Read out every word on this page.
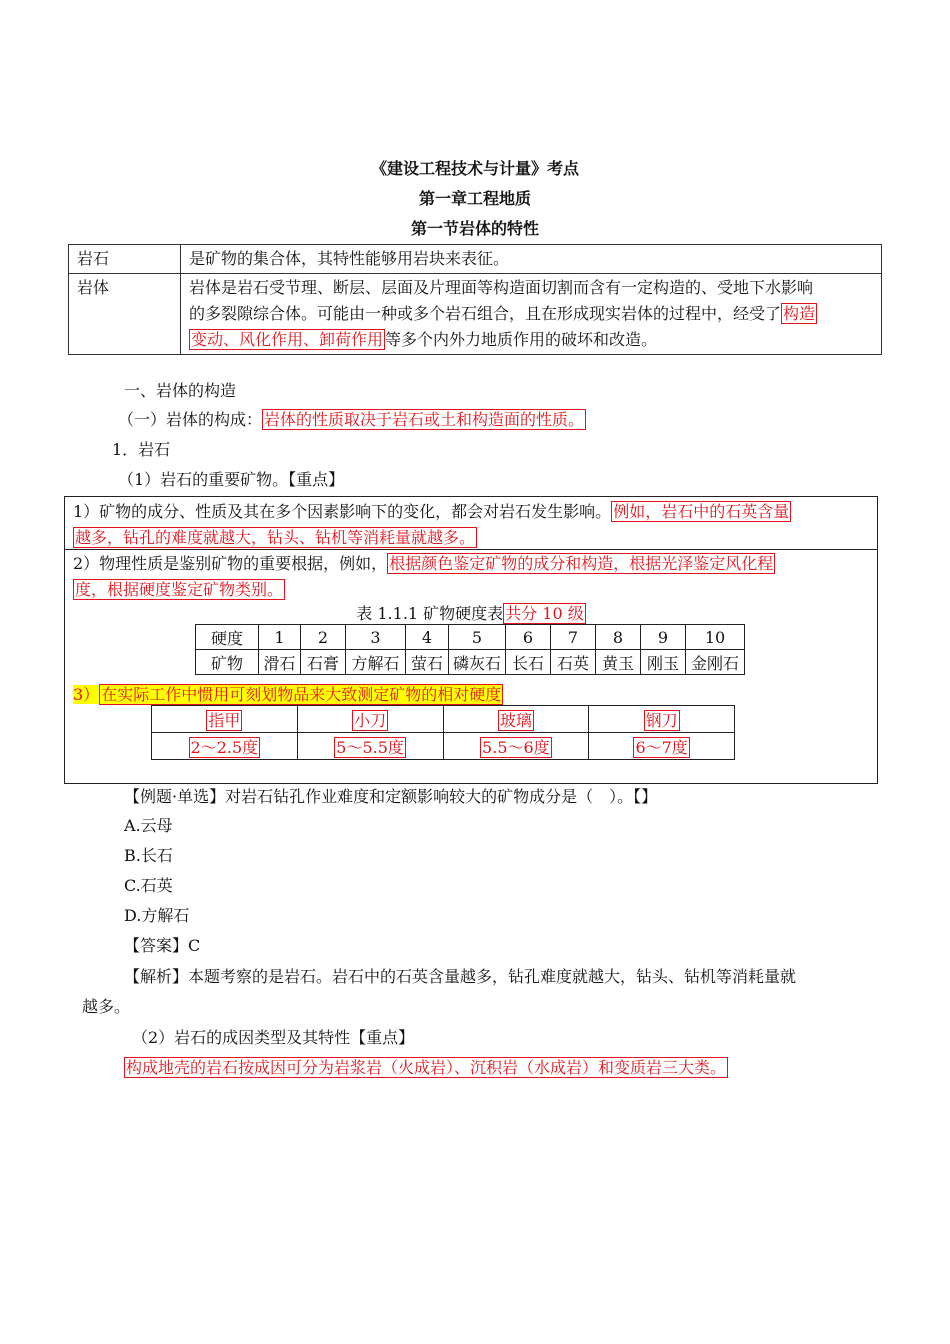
《建设工程技术与计量》考点
第一章工程地质
第一节岩体的特性
岩石	是矿物的集合体，其特性能够用岩块来表征。
岩体	岩体是岩石受节理、断层、层面及片理面等构造面切割而含有一定构造的、受地下水影响
的多裂隙综合体。可能由一种或多个岩石组合，且在形成现实岩体的过程中，经受了 构造
变动、风化作用、卸荷作用 等多个内外力地质作用的破坏和改造。
一、岩体的构造
（一）岩体的构成： 岩体的性质取决于岩石或土和构造面的性质。
1．岩石
（1）岩石的重要矿物。【重点】
1）矿物的成分、性质及其在多个因素影响下的变化，都会对岩石发生影响。 例如，岩石中的石英含量
越多，钻孔的难度就越大，钻头、钻机等消耗量就越多。
2）物理性质是鉴别矿物的重要根据，例如， 根据颜色鉴定矿物的成分和构造，根据光泽鉴定风化程
度，根据硬度鉴定矿物类别。
表 1.1.1 矿物硬度表 共分 10 级
硬度	1	2	3	4	5	6	7	8	9	10
矿物	滑石	石膏	方解石	萤石	磷灰石	长石	石英	黄玉	刚玉	金刚石
3） 在实际工作中惯用可刻划物品来大致测定矿物的相对硬度
指甲	小刀	玻璃	钢刀
2～2.5度	5～5.5度	5.5～6度	6～7度
【例题·单选】对岩石钻孔作业难度和定额影响较大的矿物成分是（　）。【】
A.云母
B.长石
C.石英
D.方解石
【答案】C
【解析】本题考察的是岩石。岩石中的石英含量越多，钻孔难度就越大，钻头、钻机等消耗量就
越多。
（2）岩石的成因类型及其特性【重点】
构成地壳的岩石按成因可分为岩浆岩（火成岩）、沉积岩（水成岩）和变质岩三大类。
